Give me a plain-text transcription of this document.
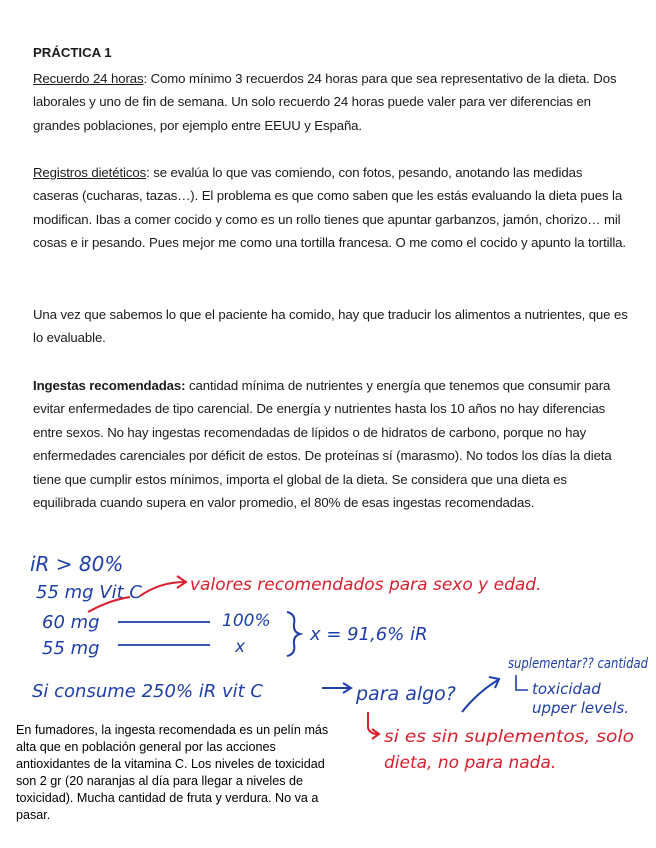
PRÁCTICA 1
Recuerdo 24 horas: Como mínimo 3 recuerdos 24 horas para que sea representativo de la dieta. Dos laborales y uno de fin de semana. Un solo recuerdo 24 horas puede valer para ver diferencias en grandes poblaciones, por ejemplo entre EEUU y España.
Registros dietéticos: se evalúa lo que vas comiendo, con fotos, pesando, anotando las medidas caseras (cucharas, tazas…). El problema es que como saben que les estás evaluando la dieta pues la modifican. Ibas a comer cocido y como es un rollo tienes que apuntar garbanzos, jamón, chorizo… mil cosas e ir pesando. Pues mejor me como una tortilla francesa. O me como el cocido y apunto la tortilla.
Una vez que sabemos lo que el paciente ha comido, hay que traducir los alimentos a nutrientes, que es lo evaluable.
Ingestas recomendadas: cantidad mínima de nutrientes y energía que tenemos que consumir para evitar enfermedades de tipo carencial. De energía y nutrientes hasta los 10 años no hay diferencias entre sexos. No hay ingestas recomendadas de lípidos o de hidratos de carbono, porque no hay enfermedades carenciales por déficit de estos. De proteínas sí (marasmo). No todos los días la dieta tiene que cumplir estos mínimos, importa el global de la dieta. Se considera que una dieta es equilibrada cuando supera en valor promedio, el 80% de esas ingestas recomendadas.
En fumadores, la ingesta recomendada es un pelín más alta que en población general por las acciones antioxidantes de la vitamina C. Los niveles de toxicidad son 2 gr (20 naranjas al día para llegar a niveles de toxicidad). Mucha cantidad de fruta y verdura. No va a pasar.
iR > 80%
55 mg Vit C	valores recomendados para sexo y edad.
60 mg	100%
55 mg	x
x = 91,6% iR
Si consume 250% iR vit C	para algo?
suplementar?? cantidad
toxicidad
upper levels.
si es sin suplementos, solo
dieta, no para nada.
